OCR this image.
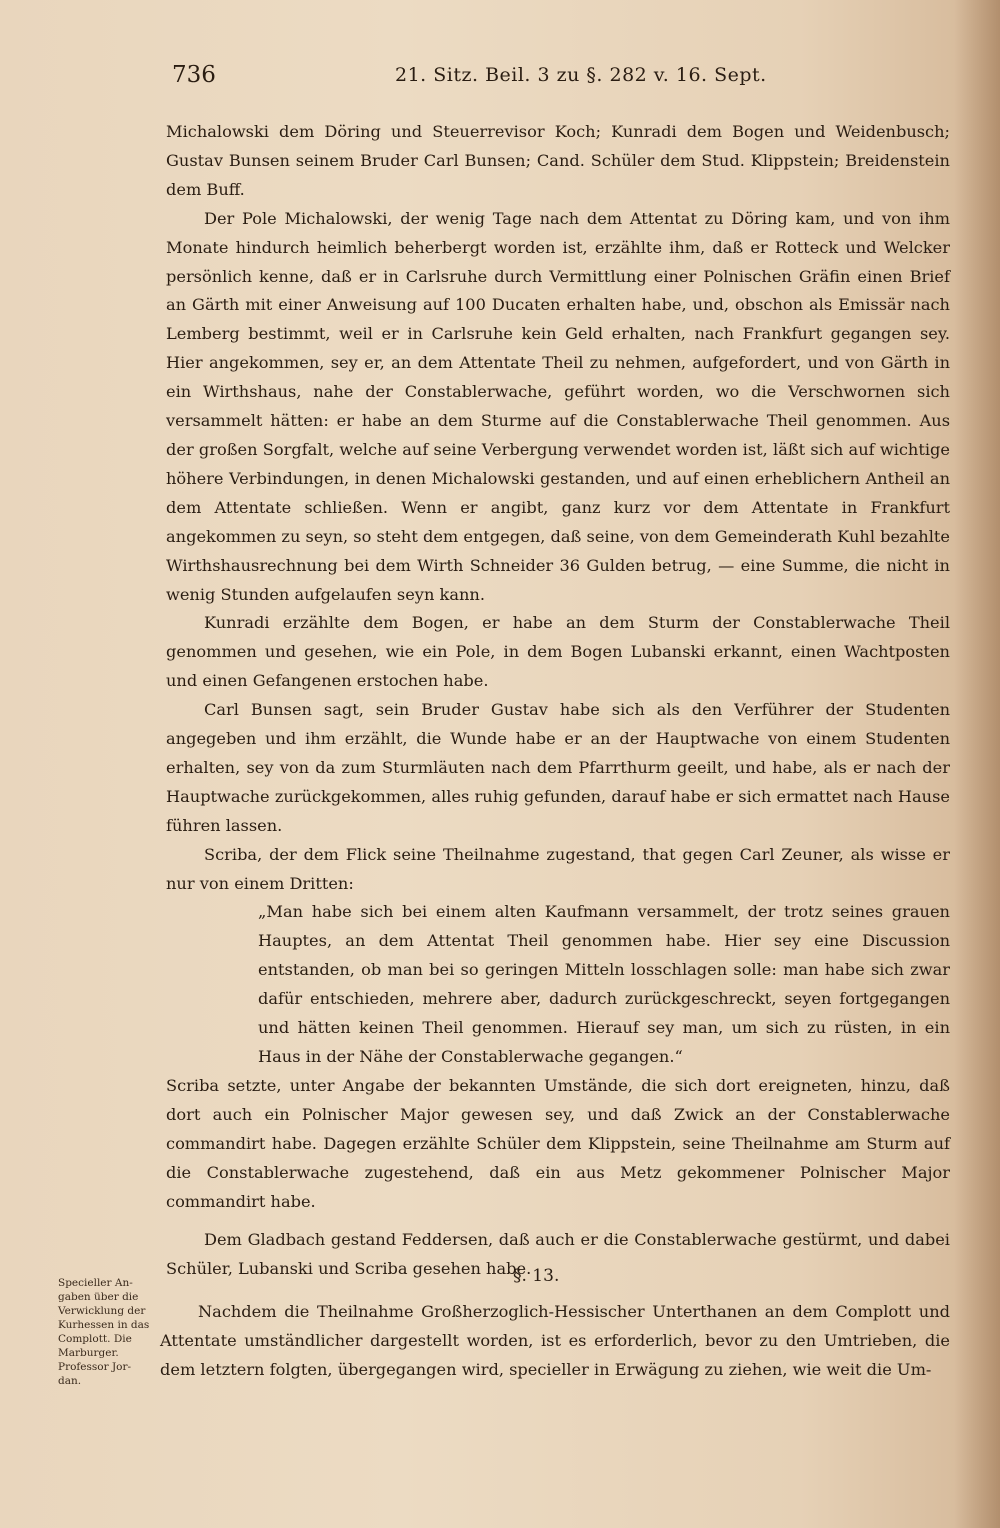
736	21. Sitz. Beil. 3 zu §. 282 v. 16. Sept.

Michalowski dem Döring und Steuerrevisor Koch; Kunradi dem Bogen und Weidenbusch; Gustav Bunsen seinem Bruder Carl Bunsen; Cand. Schüler dem Stud. Klippstein; Breidenstein dem Buff.

Der Pole Michalowski, der wenig Tage nach dem Attentat zu Döring kam, und von ihm Monate hindurch heimlich beherbergt worden ist, erzählte ihm, daß er Rotteck und Welcker persönlich kenne, daß er in Carlsruhe durch Vermittlung einer Polnischen Gräfin einen Brief an Gärth mit einer Anweisung auf 100 Ducaten erhalten habe, und, obschon als Emissär nach Lemberg bestimmt, weil er in Carlsruhe kein Geld erhalten, nach Frankfurt gegangen sey. Hier angekommen, sey er, an dem Attentate Theil zu nehmen, aufgefordert, und von Gärth in ein Wirthshaus, nahe der Constablerwache, geführt worden, wo die Verschwornen sich versammelt hätten: er habe an dem Sturme auf die Constablerwache Theil genommen. Aus der großen Sorgfalt, welche auf seine Verbergung verwendet worden ist, läßt sich auf wichtige höhere Verbindungen, in denen Michalowski gestanden, und auf einen erheblichern Antheil an dem Attentate schließen. Wenn er angibt, ganz kurz vor dem Attentate in Frankfurt angekommen zu seyn, so steht dem entgegen, daß seine, von dem Gemeinderath Kuhl bezahlte Wirthshausrechnung bei dem Wirth Schneider 36 Gulden betrug, — eine Summe, die nicht in wenig Stunden aufgelaufen seyn kann.

Kunradi erzählte dem Bogen, er habe an dem Sturm der Constablerwache Theil genommen und gesehen, wie ein Pole, in dem Bogen Lubanski erkannt, einen Wachtposten und einen Gefangenen erstochen habe.

Carl Bunsen sagt, sein Bruder Gustav habe sich als den Verführer der Studenten angegeben und ihm erzählt, die Wunde habe er an der Hauptwache von einem Studenten erhalten, sey von da zum Sturmläuten nach dem Pfarrthurm geeilt, und habe, als er nach der Hauptwache zurückgekommen, alles ruhig gefunden, darauf habe er sich ermattet nach Hause führen lassen.

Scriba, der dem Flick seine Theilnahme zugestand, that gegen Carl Zeuner, als wisse er nur von einem Dritten:

„Man habe sich bei einem alten Kaufmann versammelt, der trotz seines grauen Hauptes, an dem Attentat Theil genommen habe. Hier sey eine Discussion entstanden, ob man bei so geringen Mitteln losschlagen solle: man habe sich zwar dafür entschieden, mehrere aber, dadurch zurückgeschreckt, seyen fortgegangen und hätten keinen Theil genommen. Hierauf sey man, um sich zu rüsten, in ein Haus in der Nähe der Constablerwache gegangen.“

Scriba setzte, unter Angabe der bekannten Umstände, die sich dort ereigneten, hinzu, daß dort auch ein Polnischer Major gewesen sey, und daß Zwick an der Constablerwache commandirt habe. Dagegen erzählte Schüler dem Klippstein, seine Theilnahme am Sturm auf die Constablerwache zugestehend, daß ein aus Metz gekommener Polnischer Major commandirt habe.

Dem Gladbach gestand Feddersen, daß auch er die Constablerwache gestürmt, und dabei Schüler, Lubanski und Scriba gesehen habe.

Specieller An-
gaben über die
Verwicklung der
Kurhessen in das
Complott. Die
Marburger.
Professor Jor-
dan.
§. 13.

Nachdem die Theilnahme Großherzoglich-Hessischer Unterthanen an dem Complott und Attentate umständlicher dargestellt worden, ist es erforderlich, bevor zu den Umtrieben, die dem letztern folgten, übergegangen wird, specieller in Erwägung zu ziehen, wie weit die Um-
